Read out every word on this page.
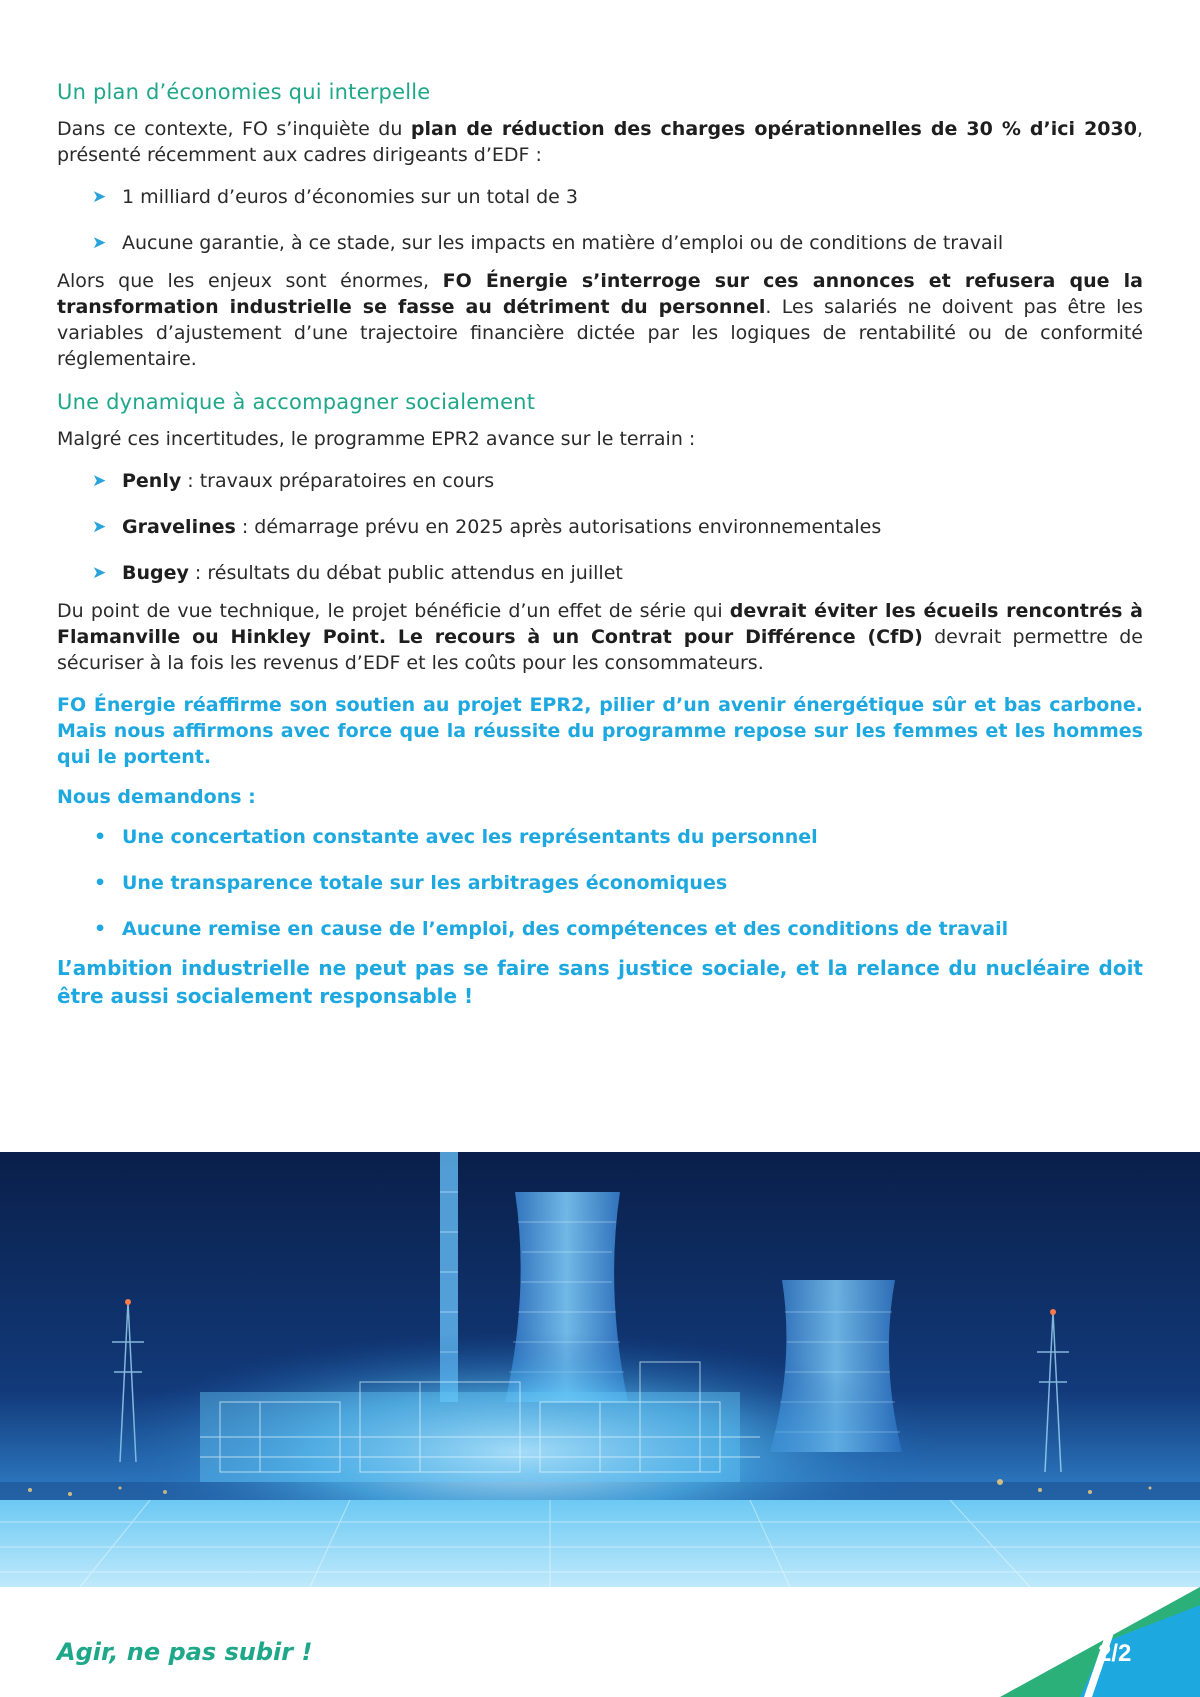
Un plan d’économies qui interpelle

Dans ce contexte, FO s’inquiète du plan de réduction des charges opérationnelles de 30 % d’ici 2030, présenté récemment aux cadres dirigeants d’EDF :

➤ 1 milliard d’euros d’économies sur un total de 3
➤ Aucune garantie, à ce stade, sur les impacts en matière d’emploi ou de conditions de travail

Alors que les enjeux sont énormes, FO Énergie s’interroge sur ces annonces et refusera que la transformation industrielle se fasse au détriment du personnel. Les salariés ne doivent pas être les variables d’ajustement d’une trajectoire financière dictée par les logiques de rentabilité ou de conformité réglementaire.

Une dynamique à accompagner socialement

Malgré ces incertitudes, le programme EPR2 avance sur le terrain :

➤ Penly : travaux préparatoires en cours
➤ Gravelines : démarrage prévu en 2025 après autorisations environnementales
➤ Bugey : résultats du débat public attendus en juillet

Du point de vue technique, le projet bénéficie d’un effet de série qui devrait éviter les écueils rencontrés à Flamanville ou Hinkley Point. Le recours à un Contrat pour Différence (CfD) devrait permettre de sécuriser à la fois les revenus d’EDF et les coûts pour les consommateurs.

FO Énergie réaffirme son soutien au projet EPR2, pilier d’un avenir énergétique sûr et bas carbone. Mais nous affirmons avec force que la réussite du programme repose sur les femmes et les hommes qui le portent.

Nous demandons :

• Une concertation constante avec les représentants du personnel
• Une transparence totale sur les arbitrages économiques
• Aucune remise en cause de l’emploi, des compétences et des conditions de travail
L’ambition industrielle ne peut pas se faire sans justice sociale, et la relance du nucléaire doit être aussi socialement responsable !
Agir, ne pas subir !	2/2
